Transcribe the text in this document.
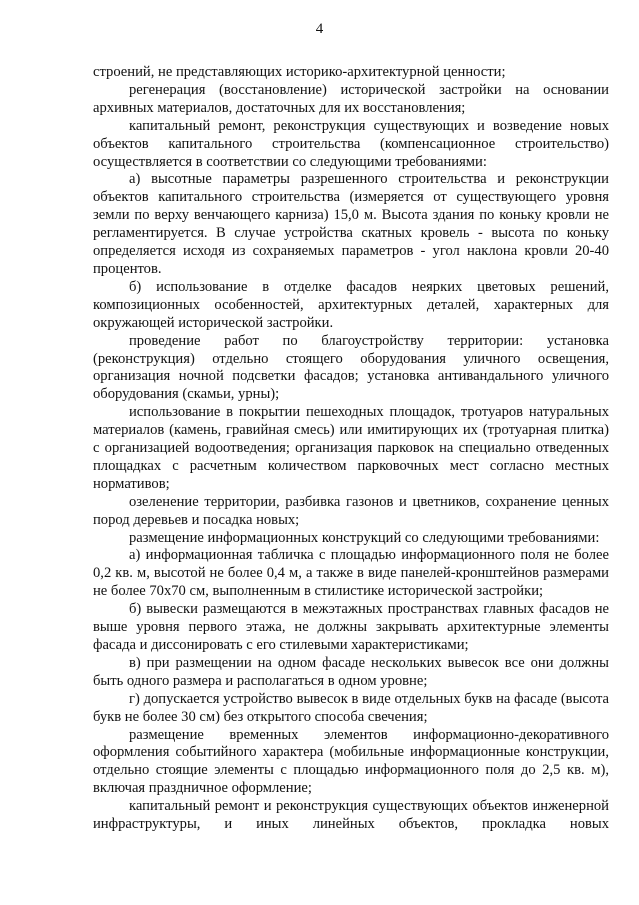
4

строений, не представляющих историко-архитектурной ценности;

регенерация (восстановление) исторической застройки на основании архивных материалов, достаточных для их восстановления;

капитальный ремонт, реконструкция существующих и возведение новых объектов капитального строительства (компенсационное строительство) осуществляется в соответствии со следующими требованиями:

а) высотные параметры разрешенного строительства и реконструкции объектов капитального строительства (измеряется от существующего уровня земли по верху венчающего карниза) 15,0 м. Высота здания по коньку кровли не регламентируется. В случае устройства скатных кровель - высота по коньку определяется исходя из сохраняемых параметров - угол наклона кровли 20-40 процентов.

б) использование в отделке фасадов неярких цветовых решений, композиционных особенностей, архитектурных деталей, характерных для окружающей исторической застройки.

проведение работ по благоустройству территории: установка (реконструкция) отдельно стоящего оборудования уличного освещения, организация ночной подсветки фасадов; установка антивандального уличного оборудования (скамьи, урны);

использование в покрытии пешеходных площадок, тротуаров натуральных материалов (камень, гравийная смесь) или имитирующих их (тротуарная плитка) с организацией водоотведения; организация парковок на специально отведенных площадках с расчетным количеством парковочных мест согласно местных нормативов;

озеленение территории, разбивка газонов и цветников, сохранение ценных пород деревьев и посадка новых;

размещение информационных конструкций со следующими требованиями:

а) информационная табличка с площадью информационного поля не более 0,2 кв. м, высотой не более 0,4 м, а также в виде панелей-кронштейнов размерами не более 70х70 см, выполненным в стилистике исторической застройки;

б) вывески размещаются в межэтажных пространствах главных фасадов не выше уровня первого этажа, не должны закрывать архитектурные элементы фасада и диссонировать с его стилевыми характеристиками;

в) при размещении на одном фасаде нескольких вывесок все они должны быть одного размера и располагаться в одном уровне;

г) допускается устройство вывесок в виде отдельных букв на фасаде (высота букв не более 30 см) без открытого способа свечения;

размещение временных элементов информационно-декоративного оформления событийного характера (мобильные информационные конструкции, отдельно стоящие элементы с площадью информационного поля до 2,5 кв. м), включая праздничное оформление;

капитальный ремонт и реконструкция существующих объектов инженерной инфраструктуры, и иных линейных объектов, прокладка новых
